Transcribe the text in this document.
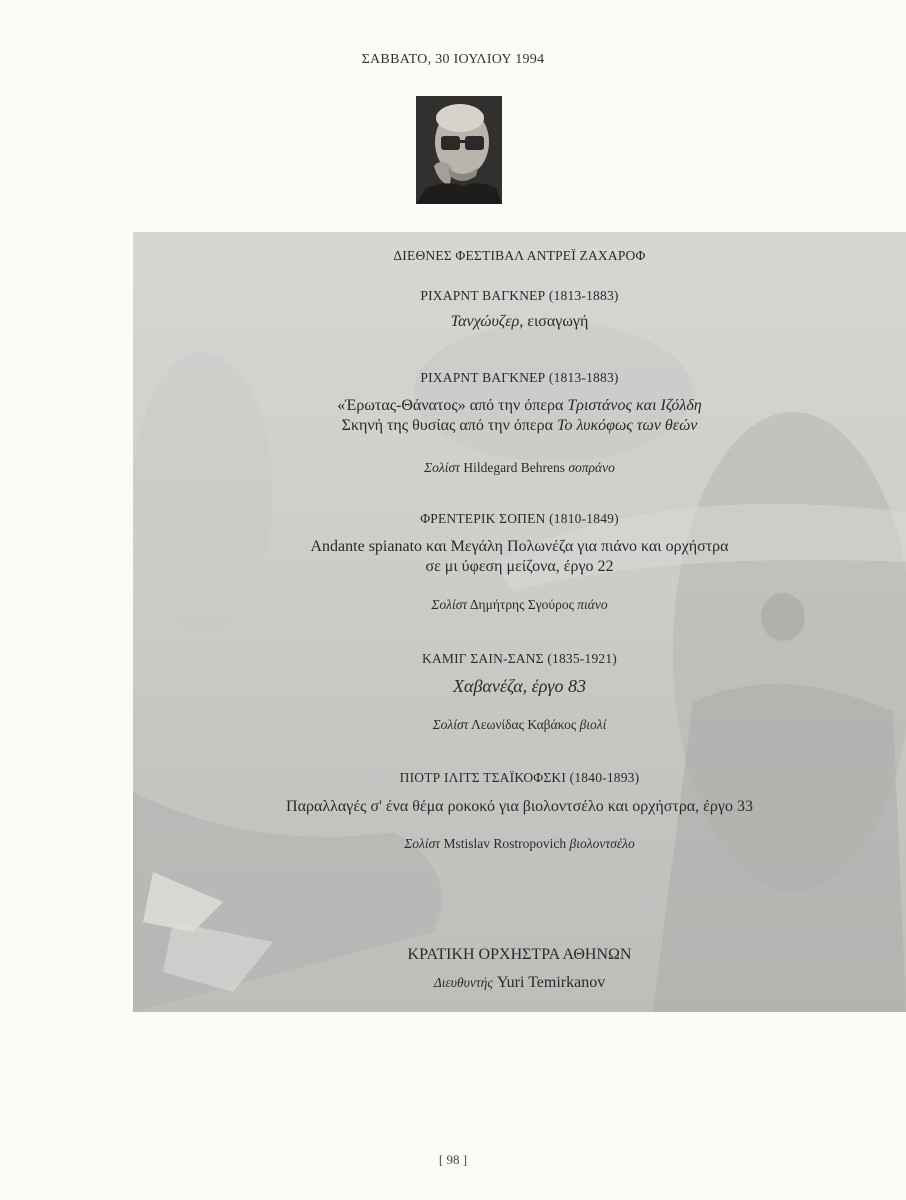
ΣΑΒΒΑΤΟ, 30 ΙΟΥΛΙΟΥ 1994
ΔΙΕΘΝΕΣ ΦΕΣΤΙΒΑΛ ΑΝΤΡΕΪ ΖΑΧΑΡΟΦ
ΡΙΧΑΡΝΤ ΒΑΓΚΝΕΡ (1813-1883)
Τανχώυζερ, εισαγωγή
ΡΙΧΑΡΝΤ ΒΑΓΚΝΕΡ (1813-1883)
«Έρωτας-Θάνατος» από την όπερα Τριστάνος και Ιζόλδη
Σκηνή της θυσίας από την όπερα Το λυκόφως των θεών
Σολίστ Hildegard Behrens σοπράνο
ΦΡΕΝΤΕΡΙΚ ΣΟΠΕΝ (1810-1849)
Andante spianato και Μεγάλη Πολωνέζα για πιάνο και ορχήστρα
σε μι ύφεση μείζονα, έργο 22
Σολίστ Δημήτρης Σγούρος πιάνο
ΚΑΜΙΓ ΣΑΙΝ-ΣΑΝΣ (1835-1921)
Χαβανέζα, έργο 83
Σολίστ Λεωνίδας Καβάκος βιολί
ΠΙΟΤΡ ΙΛΙΤΣ ΤΣΑΪΚΟΦΣΚΙ (1840-1893)
Παραλλαγές σ' ένα θέμα ροκοκό για βιολοντσέλο και ορχήστρα, έργο 33
Σολίστ Mstislav Rostropovich βιολοντσέλο
ΚΡΑΤΙΚΗ ΟΡΧΗΣΤΡΑ ΑΘΗΝΩΝ
Διευθυντής Yuri Temirkanov
[ 98 ]
